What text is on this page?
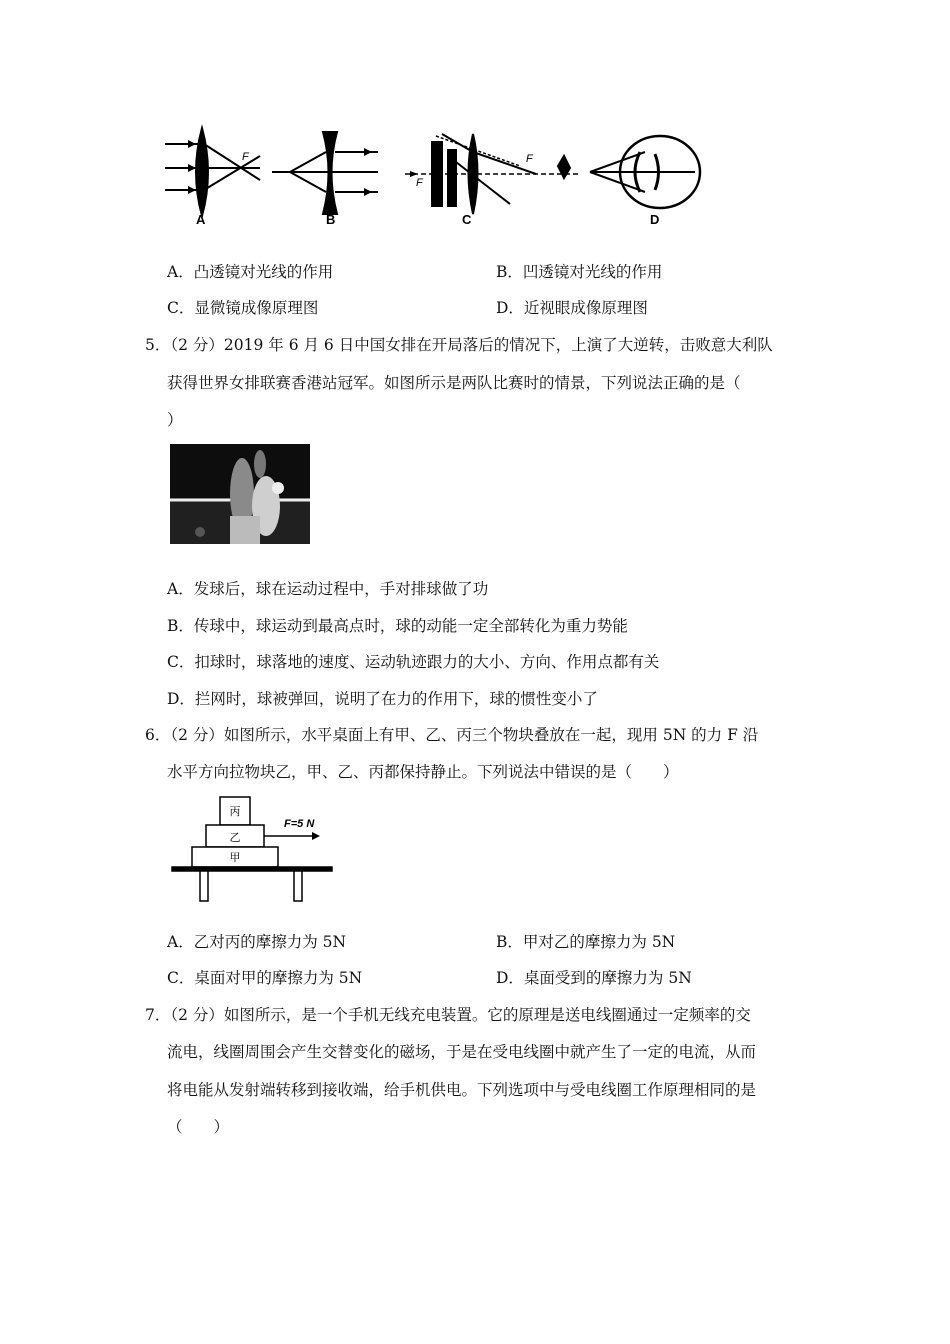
F
F
F
A	B	C	D
A．凸透镜对光线的作用	B．凹透镜对光线的作用
C．显微镜成像原理图	D．近视眼成像原理图
5．（2 分）2019 年 6 月 6 日中国女排在开局落后的情况下，上演了大逆转，击败意大利队
获得世界女排联赛香港站冠军。如图所示是两队比赛时的情景，下列说法正确的是（
）
A．发球后，球在运动过程中，手对排球做了功
B．传球中，球运动到最高点时，球的动能一定全部转化为重力势能
C．扣球时，球落地的速度、运动轨迹跟力的大小、方向、作用点都有关
D．拦网时，球被弹回，说明了在力的作用下，球的惯性变小了
6．（2 分）如图所示，水平桌面上有甲、乙、丙三个物块叠放在一起，现用 5N 的力 F 沿
水平方向拉物块乙，甲、乙、丙都保持静止。下列说法中错误的是（　　）
丙
乙
甲
F=5 N
A．乙对丙的摩擦力为 5N	B．甲对乙的摩擦力为 5N
C．桌面对甲的摩擦力为 5N	D．桌面受到的摩擦力为 5N
7．（2 分）如图所示，是一个手机无线充电装置。它的原理是送电线圈通过一定频率的交
流电，线圈周围会产生交替变化的磁场，于是在受电线圈中就产生了一定的电流，从而
将电能从发射端转移到接收端，给手机供电。下列选项中与受电线圈工作原理相同的是
（　　）
